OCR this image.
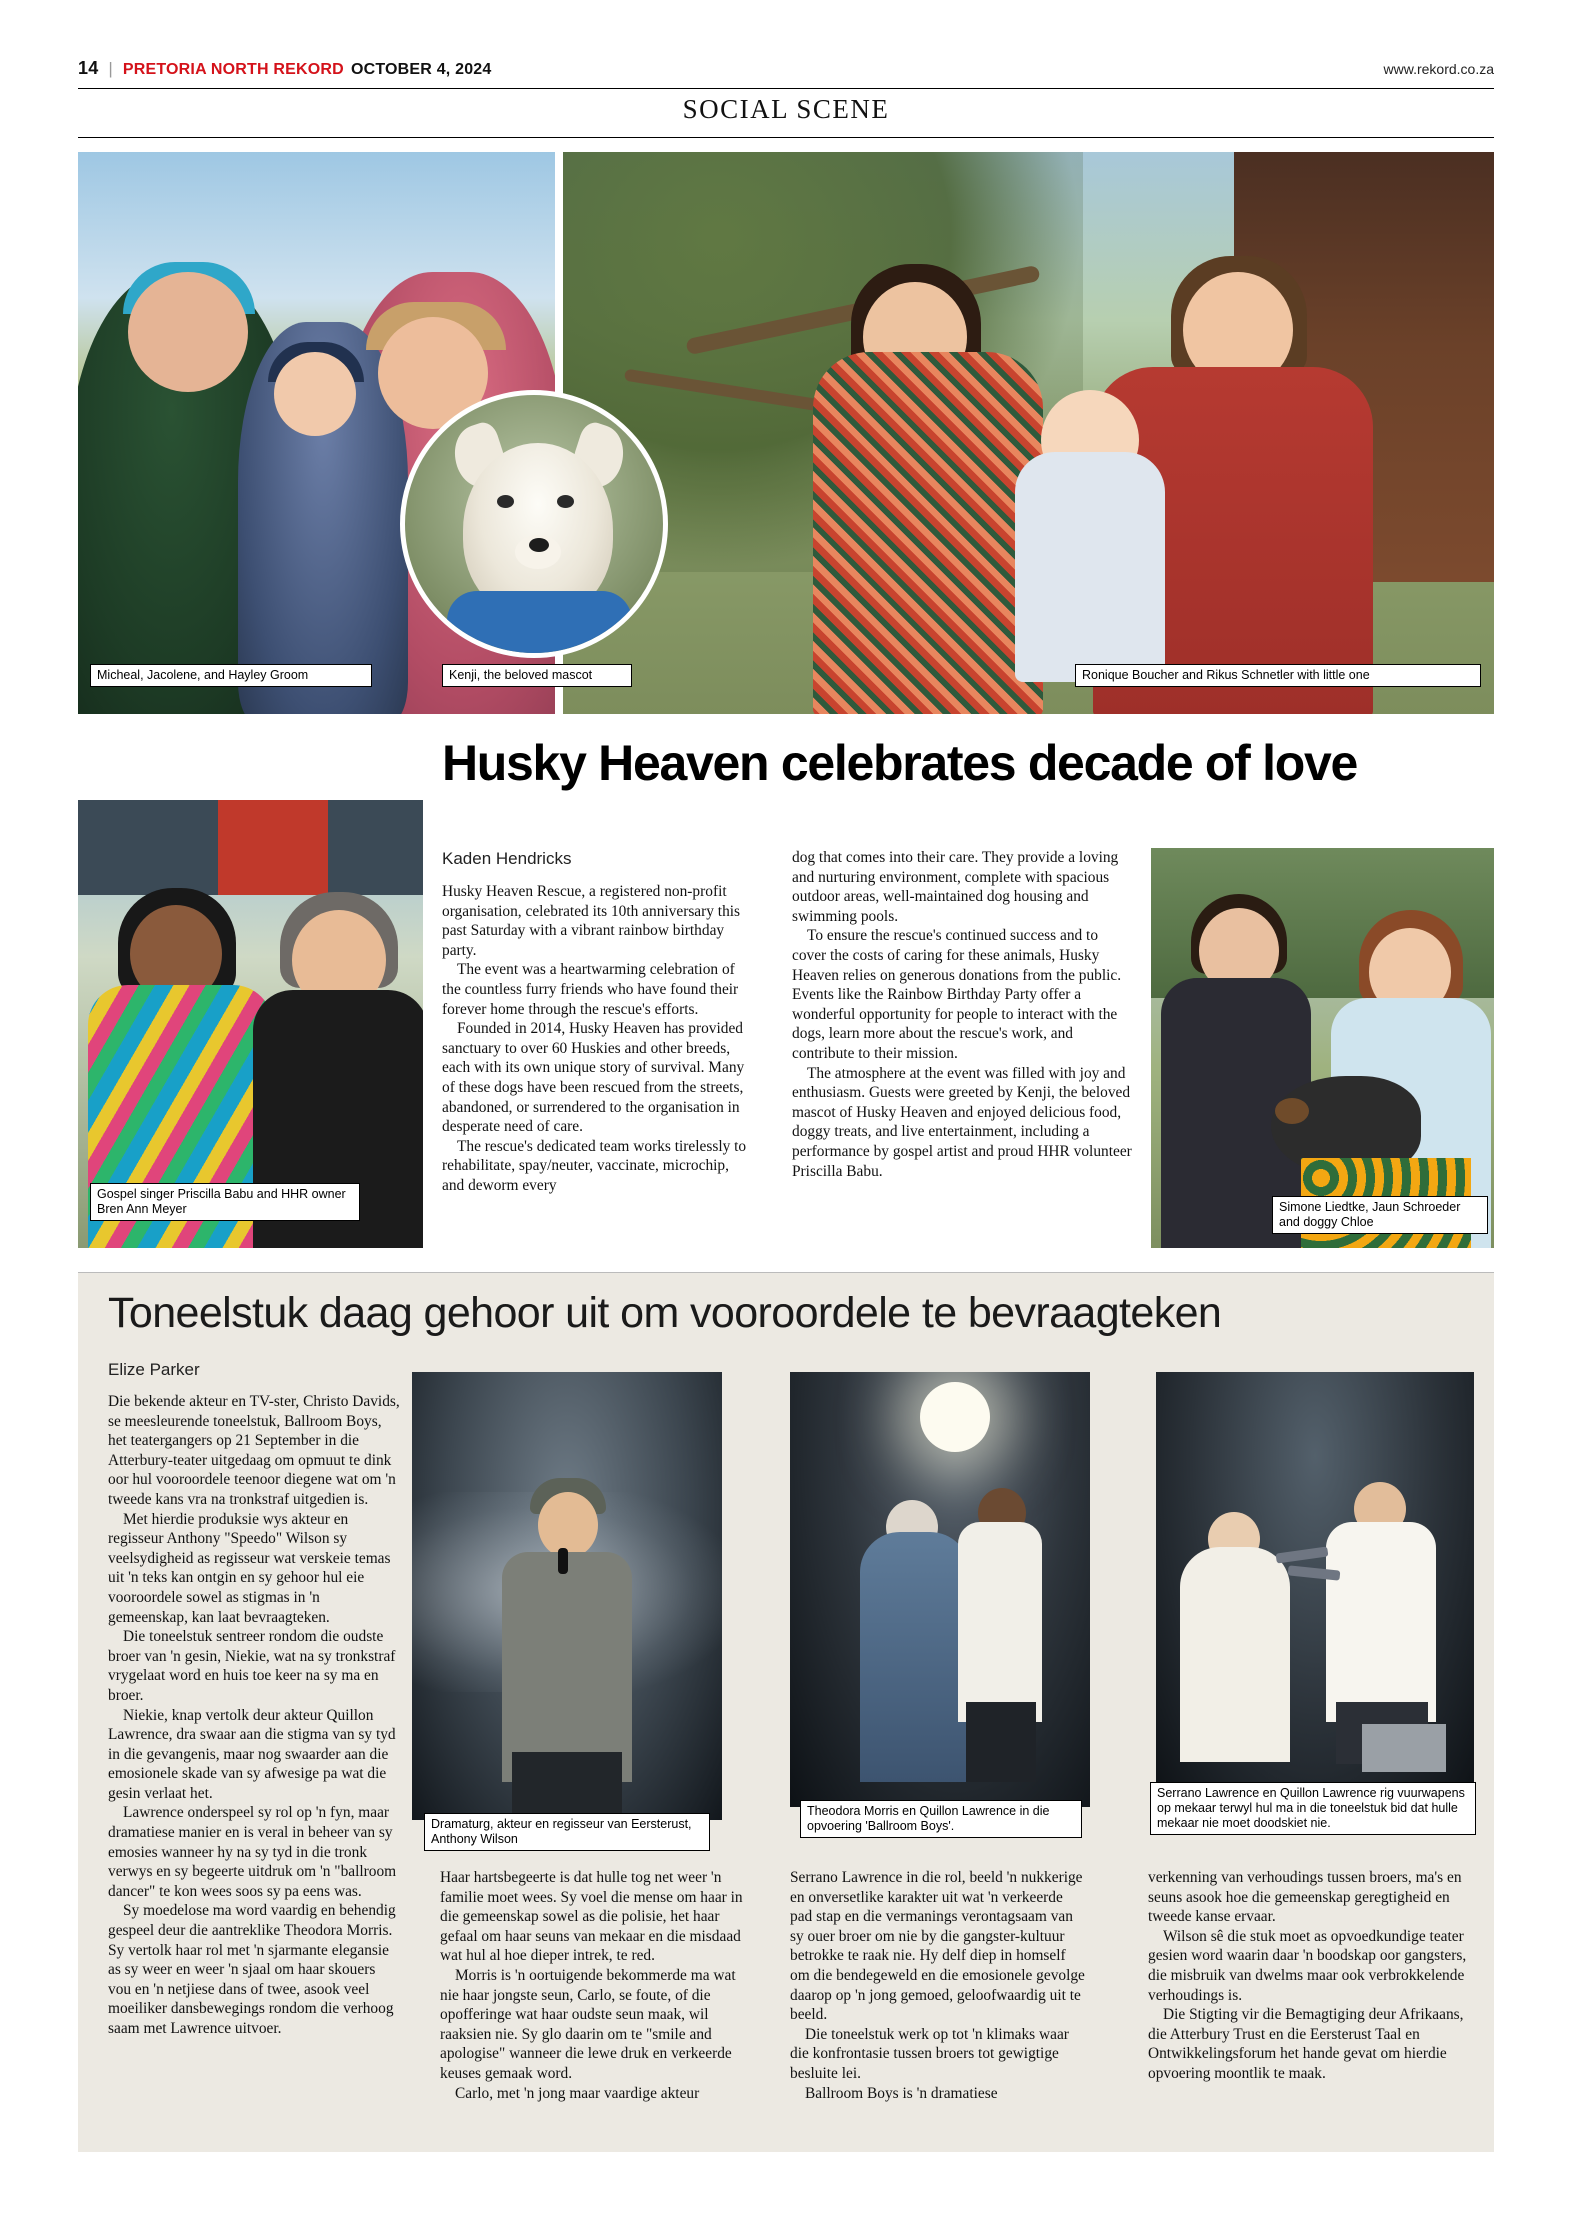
14 | PRETORIA NORTH REKORD OCTOBER 4, 2024	www.rekord.co.za
SOCIAL SCENE
Micheal, Jacolene, and Hayley Groom	Ronique Boucher and Rikus Schnetler with little one
Kenji, the beloved mascot
Husky Heaven celebrates decade of love
Kaden Hendricks

Husky Heaven Rescue, a registered non-profit organisation, celebrated its 10th anniversary this past Saturday with a vibrant rainbow birthday party.

The event was a heartwarming celebration of the countless furry friends who have found their forever home through the rescue's efforts.

Founded in 2014, Husky Heaven has provided sanctuary to over 60 Huskies and other breeds, each with its own unique story of survival. Many of these dogs have been rescued from the streets, abandoned, or surrendered to the organisation in desperate need of care.

The rescue's dedicated team works tirelessly to rehabilitate, spay/neuter, vaccinate, microchip, and deworm every

dog that comes into their care. They provide a loving and nurturing environment, complete with spacious outdoor areas, well-maintained dog housing and swimming pools.

To ensure the rescue's continued success and to cover the costs of caring for these animals, Husky Heaven relies on generous donations from the public. Events like the Rainbow Birthday Party offer a wonderful opportunity for people to interact with the dogs, learn more about the rescue's work, and contribute to their mission.

The atmosphere at the event was filled with joy and enthusiasm. Guests were greeted by Kenji, the beloved mascot of Husky Heaven and enjoyed delicious food, doggy treats, and live entertainment, including a performance by gospel artist and proud HHR volunteer Priscilla Babu.

Gospel singer Priscilla Babu and HHR owner Bren Ann Meyer	Simone Liedtke, Jaun Schroeder and doggy Chloe
Toneelstuk daag gehoor uit om vooroordele te bevraagteken
Elize Parker

Die bekende akteur en TV-ster, Christo Davids, se meesleurende toneelstuk, Ballroom Boys, het teatergangers op 21 September in die Atterbury-teater uitgedaag om opmuut te dink oor hul vooroordele teenoor diegene wat om 'n tweede kans vra na tronkstraf uitgedien is.

Met hierdie produksie wys akteur en regisseur Anthony "Speedo" Wilson sy veelsydigheid as regisseur wat verskeie temas uit 'n teks kan ontgin en sy gehoor hul eie vooroordele sowel as stigmas in 'n gemeenskap, kan laat bevraagteken.

Die toneelstuk sentreer rondom die oudste broer van 'n gesin, Niekie, wat na sy tronkstraf vrygelaat word en huis toe keer na sy ma en broer.

Niekie, knap vertolk deur akteur Quillon Lawrence, dra swaar aan die stigma van sy tyd in die gevangenis, maar nog swaarder aan die emosionele skade van sy afwesige pa wat die gesin verlaat het.

Lawrence onderspeel sy rol op 'n fyn, maar dramatiese manier en is veral in beheer van sy emosies wanneer hy na sy tyd in die tronk verwys en sy begeerte uitdruk om 'n "ballroom dancer" te kon wees soos sy pa eens was.

Sy moedelose ma word vaardig en behendig gespeel deur die aantreklike Theodora Morris. Sy vertolk haar rol met 'n sjarmante elegansie as sy weer en weer 'n sjaal om haar skouers vou en 'n netjiese dans of twee, asook veel moeiliker dansbewegings rondom die verhoog saam met Lawrence uitvoer.

Dramaturg, akteur en regisseur van Eersterust, Anthony Wilson
Theodora Morris en Quillon Lawrence in die opvoering 'Ballroom Boys'.
Serrano Lawrence en Quillon Lawrence rig vuurwapens op mekaar terwyl hul ma in die toneelstuk bid dat hulle mekaar nie moet doodskiet nie.

Haar hartsbegeerte is dat hulle tog net weer 'n familie moet wees. Sy voel die mense om haar in die gemeenskap sowel as die polisie, het haar gefaal om haar seuns van mekaar en die misdaad wat hul al hoe dieper intrek, te red.

Morris is 'n oortuigende bekommerde ma wat nie haar jongste seun, Carlo, se foute, of die opofferinge wat haar oudste seun maak, wil raaksien nie. Sy glo daarin om te "smile and apologise" wanneer die lewe druk en verkeerde keuses gemaak word.

Carlo, met 'n jong maar vaardige akteur

Serrano Lawrence in die rol, beeld 'n nukkerige en onversetlike karakter uit wat 'n verkeerde pad stap en die vermanings verontagsaam van sy ouer broer om nie by die gangster-kultuur betrokke te raak nie. Hy delf diep in homself om die bendegeweld en die emosionele gevolge daarop op 'n jong gemoed, geloofwaardig uit te beeld.

Die toneelstuk werk op tot 'n klimaks waar die konfrontasie tussen broers tot gewigtige besluite lei.

Ballroom Boys is 'n dramatiese

verkenning van verhoudings tussen broers, ma's en seuns asook hoe die gemeenskap geregtigheid en tweede kanse ervaar.

Wilson sê die stuk moet as opvoedkundige teater gesien word waarin daar 'n boodskap oor gangsters, die misbruik van dwelms maar ook verbrokkelende verhoudings is.

Die Stigting vir die Bemagtiging deur Afrikaans, die Atterbury Trust en die Eersterust Taal en Ontwikkelingsforum het hande gevat om hierdie opvoering moontlik te maak.
